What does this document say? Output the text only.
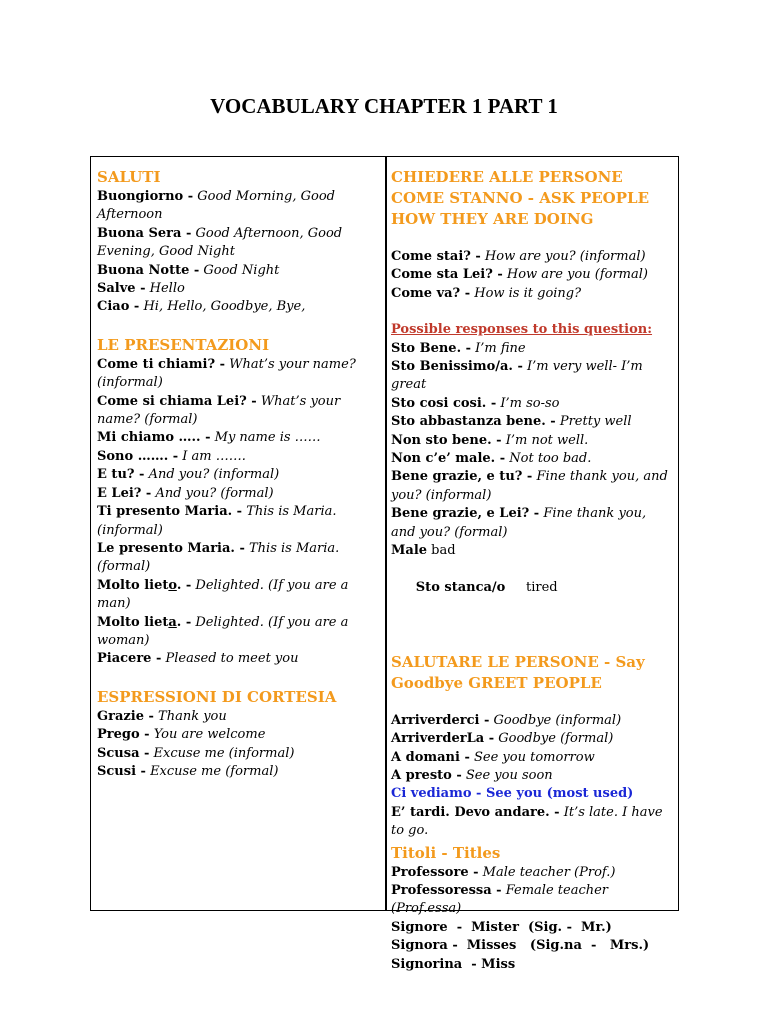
VOCABULARY CHAPTER 1 PART 1
SALUTI
Buongiorno - Good Morning, Good Afternoon
Buona Sera - Good Afternoon, Good Evening, Good Night
Buona Notte - Good Night
Salve - Hello
Ciao - Hi, Hello, Goodbye, Bye,
LE PRESENTAZIONI
Come ti chiami? - What’s your name? (informal)
Come si chiama Lei? - What’s your name? (formal)
Mi chiamo ….. - My name is ……
Sono ……. - I am …….
E tu? - And you? (informal)
E Lei? - And you? (formal)
Ti presento Maria. - This is Maria. (informal)
Le presento Maria. - This is Maria. (formal)
Molto lieto. - Delighted. (If you are a man)
Molto lieta. - Delighted. (If you are a woman)
Piacere - Pleased to meet you
ESPRESSIONI DI CORTESIA
Grazie - Thank you
Prego - You are welcome
Scusa - Excuse me (informal)
Scusi - Excuse me (formal)
CHIEDERE ALLE PERSONE COME STANNO - ASK PEOPLE HOW THEY ARE DOING
Come stai? - How are you? (informal)
Come sta Lei? - How are you (formal)
Come va? - How is it going?
Possible responses to this question:
Sto Bene. - I’m fine
Sto Benissimo/a. - I’m very well- I’m great
Sto cosi cosi. - I’m so-so
Sto abbastanza bene. - Pretty well
Non sto bene. - I’m not well.
Non c’e’ male. - Not too bad.
Bene grazie, e tu? - Fine thank you, and you? (informal)
Bene grazie, e Lei? - Fine thank you, and you? (formal)
Male bad

Sto stanca/o     tired

SALUTARE LE PERSONE - Say Goodbye GREET PEOPLE
Arriverderci - Goodbye (informal)
ArriverderLa - Goodbye (formal)
A domani - See you tomorrow
A presto - See you soon
Ci vediamo - See you (most used)
E’ tardi. Devo andare. - It’s late. I have to go.
Titoli - Titles
Professore - Male teacher (Prof.)
Professoressa - Female teacher (Prof.essa)
Signore  -  Mister  (Sig. -  Mr.)
Signora -  Misses   (Sig.na  -   Mrs.)
Signorina  - Miss
